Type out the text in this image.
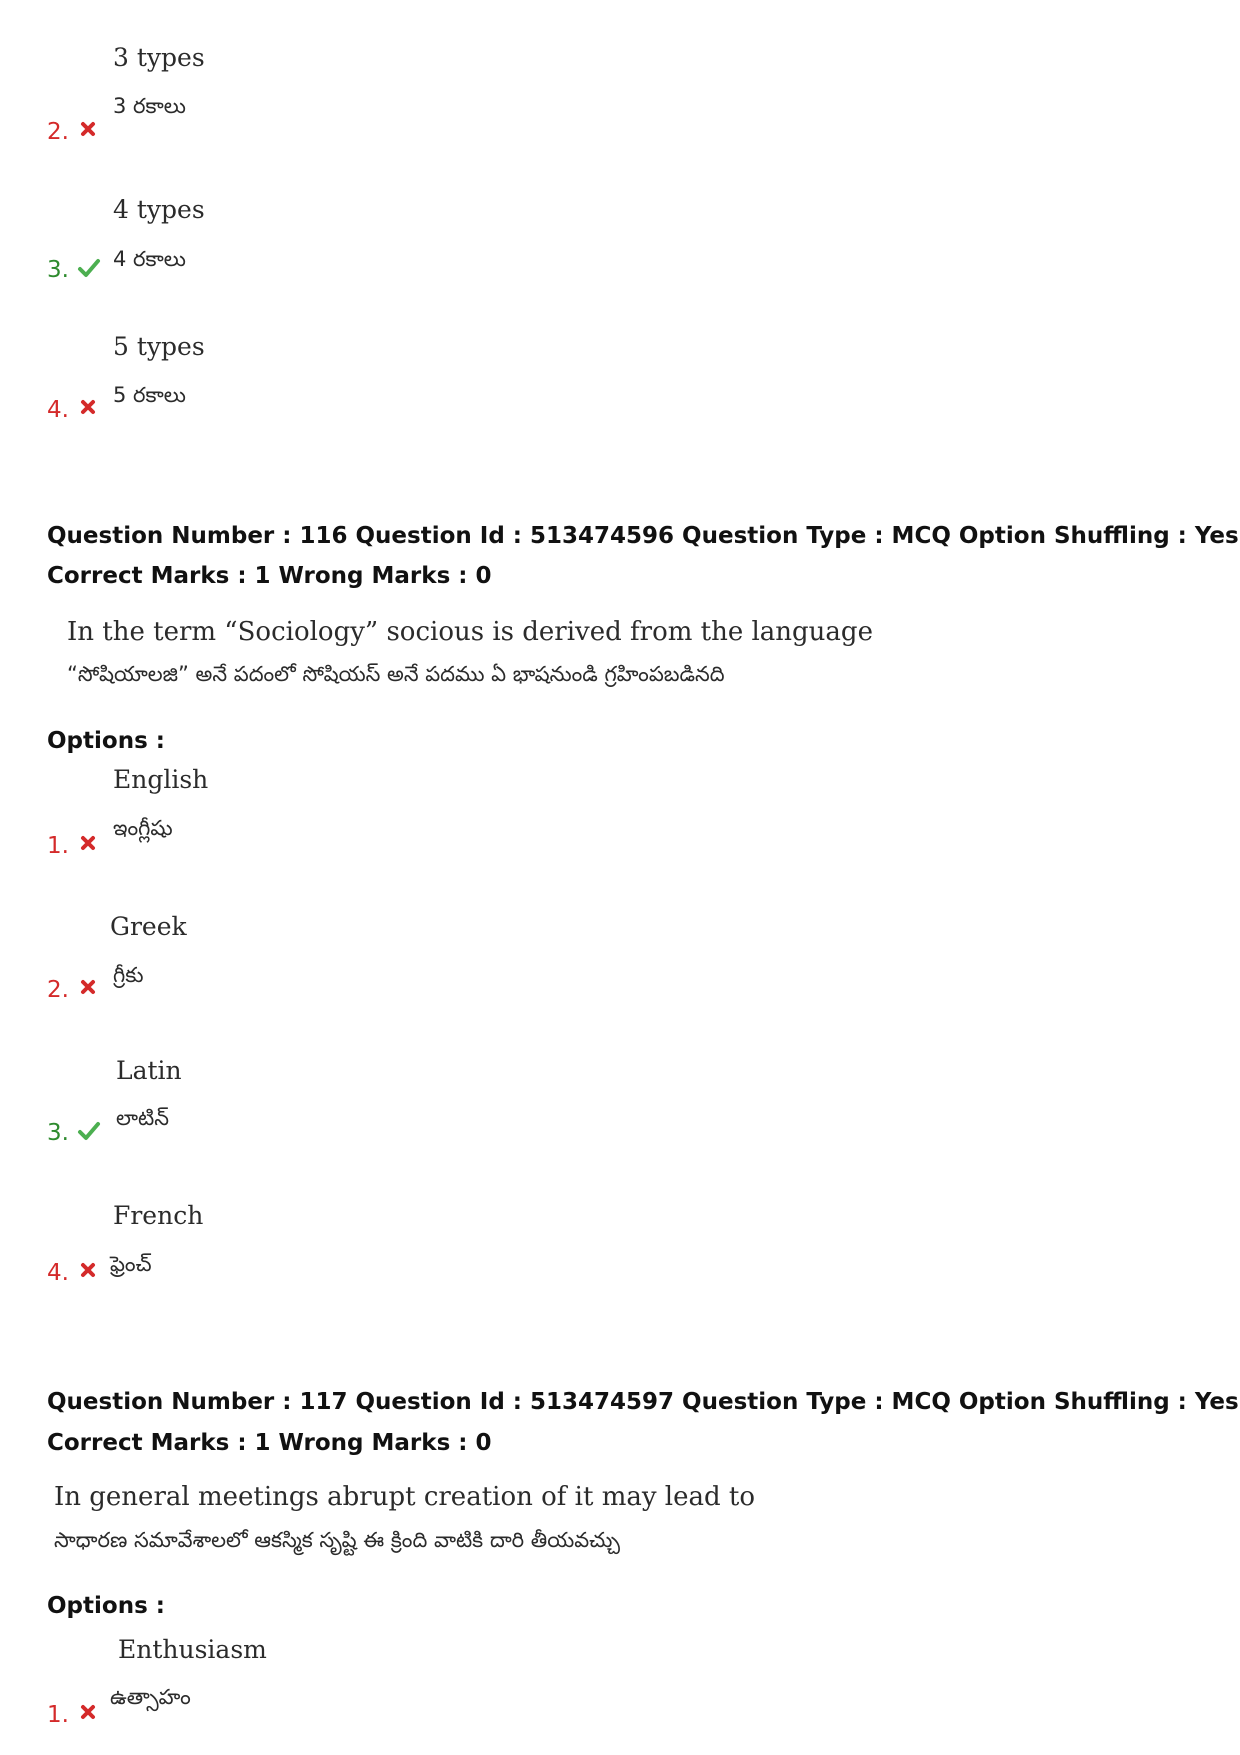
3 types
3 రకాలు
2.
4 types
4 రకాలు
3.
5 types
5 రకాలు
4.
Question Number : 116 Question Id : 513474596 Question Type : MCQ Option Shuffling : Yes
Correct Marks : 1 Wrong Marks : 0
In the term “Sociology” socious is derived from the language
“సోషియాలజి” అనే పదంలో సోషియస్ అనే పదము ఏ భాషనుండి గ్రహింపబడినది
Options :
English
ఇంగ్లీషు
1.
Greek
గ్రీకు
2.
Latin
లాటిన్
3.
French
ఫ్రెంచ్
4.
Question Number : 117 Question Id : 513474597 Question Type : MCQ Option Shuffling : Yes
Correct Marks : 1 Wrong Marks : 0
In general meetings abrupt creation of it may lead to
సాధారణ సమావేశాలలో ఆకస్మిక సృష్టి ఈ క్రింది వాటికి దారి తీయవచ్చు
Options :
Enthusiasm
ఉత్సాహం
1.
